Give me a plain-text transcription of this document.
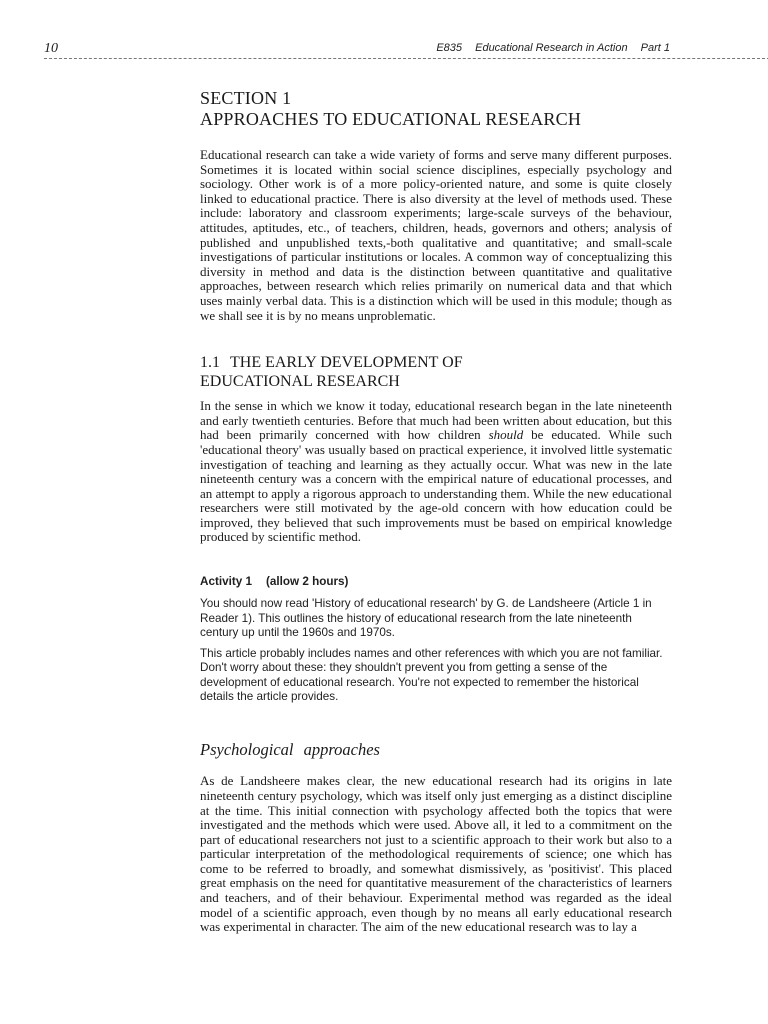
10	E835 Educational Research in Action Part 1
SECTION 1
APPROACHES TO EDUCATIONAL RESEARCH

Educational research can take a wide variety of forms and serve many different purposes. Sometimes it is located within social science disciplines, especially psychology and sociology. Other work is of a more policy-oriented nature, and some is quite closely linked to educational practice. There is also diversity at the level of methods used. These include: laboratory and classroom experiments; large-scale surveys of the behaviour, attitudes, aptitudes, etc., of teachers, children, heads, governors and others; analysis of published and unpublished texts,-both qualitative and quantitative; and small-scale investigations of particular institutions or locales. A common way of conceptualizing this diversity in method and data is the distinction between quantitative and qualitative approaches, between research which relies primarily on numerical data and that which uses mainly verbal data. This is a distinction which will be used in this module; though as we shall see it is by no means unproblematic.

1.1 THE EARLY DEVELOPMENT OF
EDUCATIONAL RESEARCH

In the sense in which we know it today, educational research began in the late nineteenth and early twentieth centuries. Before that much had been written about education, but this had been primarily concerned with how children should be educated. While such 'educational theory' was usually based on practical experience, it involved little systematic investigation of teaching and learning as they actually occur. What was new in the late nineteenth century was a concern with the empirical nature of educational processes, and an attempt to apply a rigorous approach to understanding them. While the new educational researchers were still motivated by the age-old concern with how education could be improved, they believed that such improvements must be based on empirical knowledge produced by scientific method.

Activity 1 (allow 2 hours)

You should now read 'History of educational research' by G. de Landsheere (Article 1 in Reader 1). This outlines the history of educational research from the late nineteenth century up until the 1960s and 1970s.

This article probably includes names and other references with which you are not familiar. Don't worry about these: they shouldn't prevent you from getting a sense of the development of educational research. You're not expected to remember the historical details the article provides.

Psychological approaches

As de Landsheere makes clear, the new educational research had its origins in late nineteenth century psychology, which was itself only just emerging as a distinct discipline at the time. This initial connection with psychology affected both the topics that were investigated and the methods which were used. Above all, it led to a commitment on the part of educational researchers not just to a scientific approach to their work but also to a particular interpretation of the methodological requirements of science; one which has come to be referred to broadly, and somewhat dismissively, as 'positivist'. This placed great emphasis on the need for quantitative measurement of the characteristics of learners and teachers, and of their behaviour. Experimental method was regarded as the ideal model of a scientific approach, even though by no means all early educational research was experimental in character. The aim of the new educational research was to lay a
